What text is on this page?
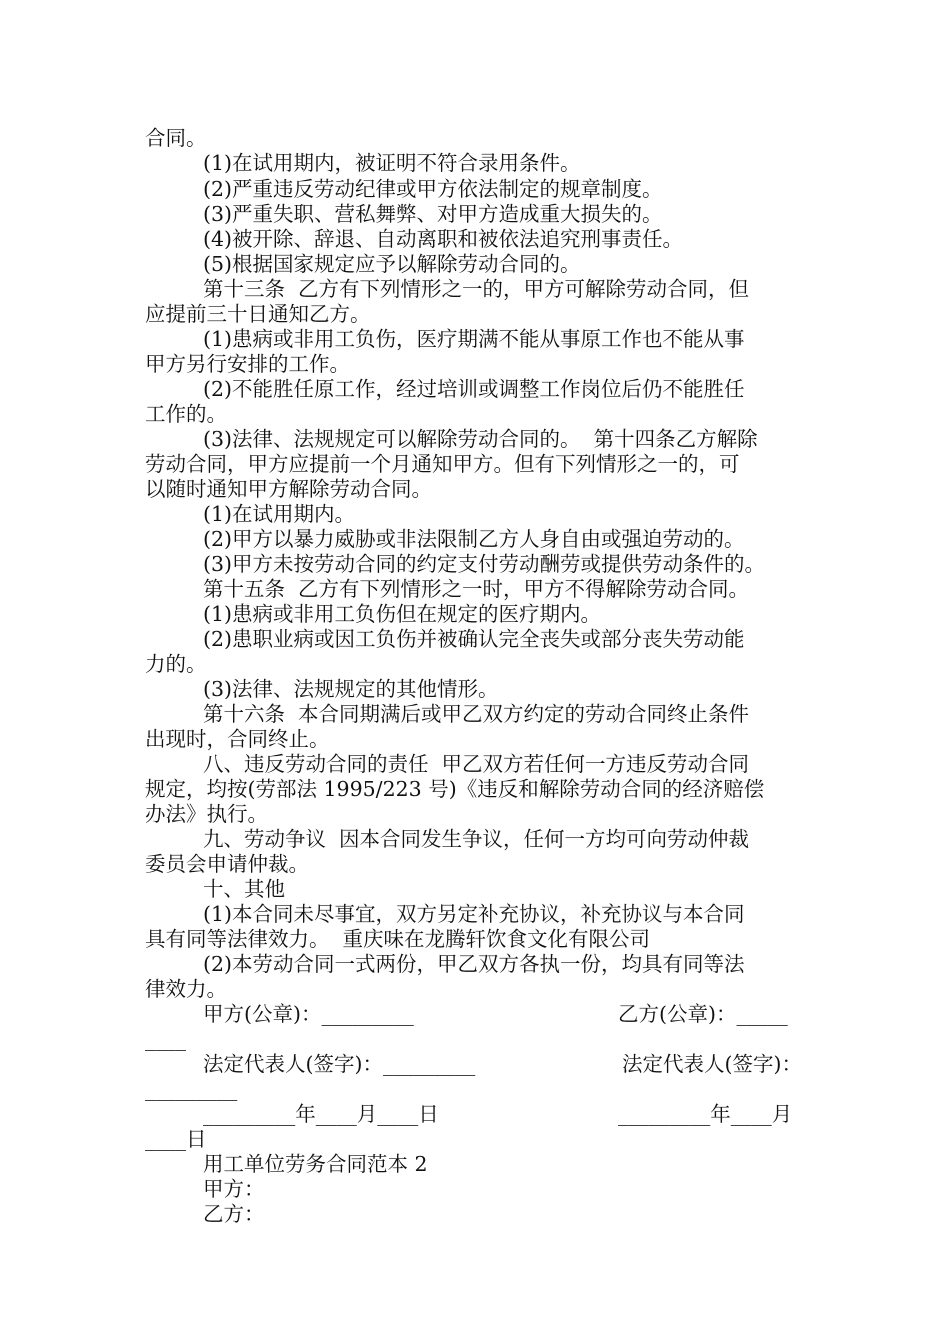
合同。
(1)在试用期内，被证明不符合录用条件。
(2)严重违反劳动纪律或甲方依法制定的规章制度。
(3)严重失职、营私舞弊、对甲方造成重大损失的。
(4)被开除、辞退、自动离职和被依法追究刑事责任。
(5)根据国家规定应予以解除劳动合同的。
第十三条  乙方有下列情形之一的，甲方可解除劳动合同，但
应提前三十日通知乙方。
(1)患病或非用工负伤，医疗期满不能从事原工作也不能从事
甲方另行安排的工作。
(2)不能胜任原工作，经过培训或调整工作岗位后仍不能胜任
工作的。
(3)法律、法规规定可以解除劳动合同的。  第十四条乙方解除
劳动合同，甲方应提前一个月通知甲方。但有下列情形之一的，可
以随时通知甲方解除劳动合同。
(1)在试用期内。
(2)甲方以暴力威胁或非法限制乙方人身自由或强迫劳动的。
(3)甲方未按劳动合同的约定支付劳动酬劳或提供劳动条件的。
第十五条  乙方有下列情形之一时，甲方不得解除劳动合同。
(1)患病或非用工负伤但在规定的医疗期内。
(2)患职业病或因工负伤并被确认完全丧失或部分丧失劳动能
力的。
(3)法律、法规规定的其他情形。
第十六条  本合同期满后或甲乙双方约定的劳动合同终止条件
出现时，合同终止。
八、违反劳动合同的责任  甲乙双方若任何一方违反劳动合同
规定，均按(劳部法 1995/223 号)《违反和解除劳动合同的经济赔偿
办法》执行。
九、劳动争议  因本合同发生争议，任何一方均可向劳动仲裁
委员会申请仲裁。
十、其他
(1)本合同未尽事宜，双方另定补充协议，补充协议与本合同
具有同等法律效力。  重庆味在龙腾轩饮食文化有限公司
(2)本劳动合同一式两份，甲乙双方各执一份，均具有同等法
律效力。
甲方(公章)：_________	乙方(公章)：_____
____
法定代表人(签字)：_________	法定代表人(签字)：
_________
_________年____月____日	_________年____月
____日
用工单位劳务合同范本 2
甲方：
乙方：
